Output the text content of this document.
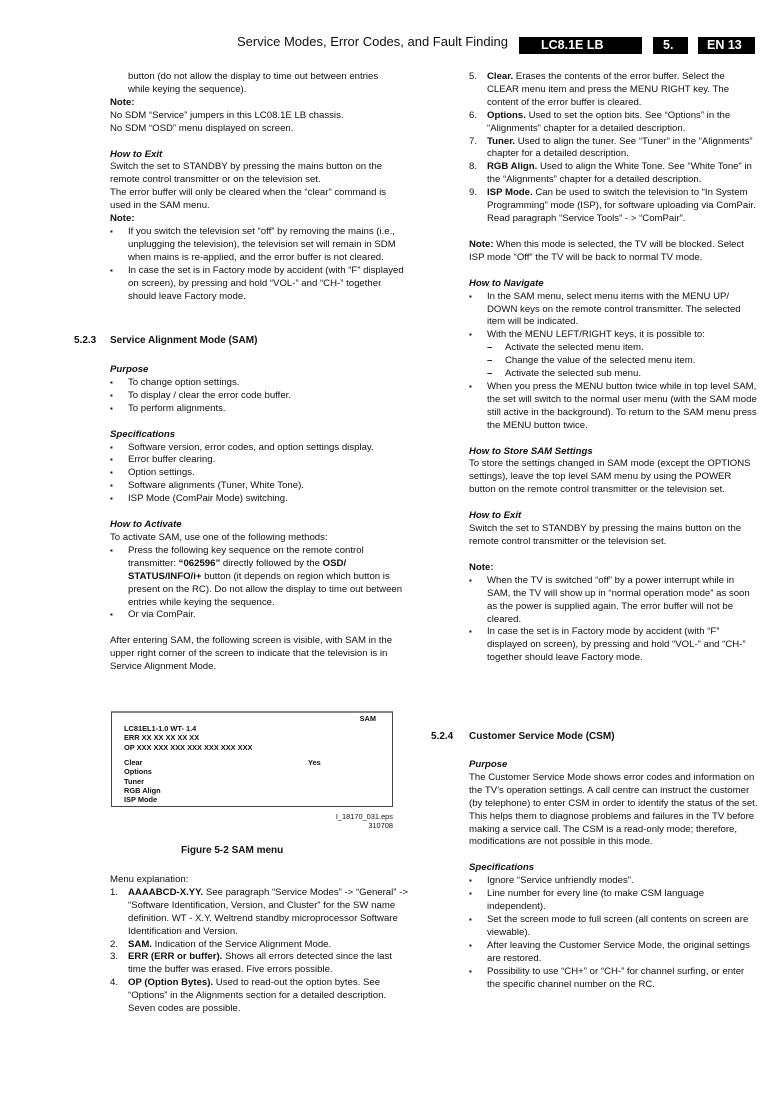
Service Modes, Error Codes, and Fault Finding	LC8.1E LB	5.	EN 13

button (do not allow the display to time out between entries
while keying the sequence).

Note:

No SDM “Service” jumpers in this LC08.1E LB chassis.

No SDM “OSD” menu displayed on screen.

How to Exit

Switch the set to STANDBY by pressing the mains button on the remote control transmitter or on the television set.

The error buffer will only be cleared when the “clear” command is used in the SAM menu.

Note:

▪ If you switch the television set “off” by removing the mains (i.e., unplugging the television), the television set will remain in SDM when mains is re-applied, and the error buffer is not cleared.
▪ In case the set is in Factory mode by accident (with “F” displayed on screen), by pressing and hold “VOL-” and “CH-” together should leave Factory mode.
5.2.3 Service Alignment Mode (SAM)

Purpose

▪ To change option settings.
▪ To display / clear the error code buffer.
▪ To perform alignments.

Specifications

▪ Software version, error codes, and option settings display.
▪ Error buffer clearing.
▪ Option settings.
▪ Software alignments (Tuner, White Tone).
▪ ISP Mode (ComPair Mode) switching.

How to Activate

To activate SAM, use one of the following methods:

▪ Press the following key sequence on the remote control transmitter: “062596” directly followed by the OSD/ STATUS/INFO/i+ button (it depends on region which button is present on the RC). Do not allow the display to time out between entries while keying the sequence.
▪ Or via ComPair.

After entering SAM, the following screen is visible, with SAM in the upper right corner of the screen to indicate that the television is in Service Alignment Mode.

SAM
LC81EL1-1.0 WT- 1.4
ERR XX XX XX XX XX
OP XXX XXX XXX XXX XXX XXX XXX
Clear
Options
Tuner
RGB Align
ISP Mode
Yes
I_18170_031.eps
310708
Figure 5-2 SAM menu

Menu explanation:

1. AAAABCD-X.YY. See paragraph “Service Modes” -> “General” -> “Software Identification, Version, and Cluster” for the SW name definition. WT - X.Y. Weltrend standby microprocessor Software Identification and Version.
2. SAM. Indication of the Service Alignment Mode.
3. ERR (ERR or buffer). Shows all errors detected since the last time the buffer was erased. Five errors possible.
4. OP (Option Bytes). Used to read-out the option bytes. See “Options” in the Alignments section for a detailed description. Seven codes are possible.
5. Clear. Erases the contents of the error buffer. Select the CLEAR menu item and press the MENU RIGHT key. The content of the error buffer is cleared.
6. Options. Used to set the option bits. See “Options” in the “Alignments” chapter for a detailed description.
7. Tuner. Used to align the tuner. See “Tuner” in the “Alignments” chapter for a detailed description.
8. RGB Align. Used to align the White Tone. See “White Tone” in the “Alignments” chapter for a detailed description.
9. ISP Mode. Can be used to switch the television to “In System Programming” mode (ISP), for software uploading via ComPair. Read paragraph “Service Tools” - > “ComPair”.

Note: When this mode is selected, the TV will be blocked. Select ISP mode “Off” the TV will be back to normal TV mode.

How to Navigate

▪ In the SAM menu, select menu items with the MENU UP/ DOWN keys on the remote control transmitter. The selected item will be indicated.
▪ With the MENU LEFT/RIGHT keys, it is possible to:
– Activate the selected menu item.
– Change the value of the selected menu item.
– Activate the selected sub menu.
▪ When you press the MENU button twice while in top level SAM, the set will switch to the normal user menu (with the SAM mode still active in the background). To return to the SAM menu press the MENU button twice.

How to Store SAM Settings

To store the settings changed in SAM mode (except the OPTIONS settings), leave the top level SAM menu by using the POWER button on the remote control transmitter or the television set.

How to Exit

Switch the set to STANDBY by pressing the mains button on the remote control transmitter or the television set.

Note:

▪ When the TV is switched “off” by a power interrupt while in SAM, the TV will show up in “normal operation mode” as soon as the power is supplied again. The error buffer will not be cleared.
▪ In case the set is in Factory mode by accident (with “F” displayed on screen), by pressing and hold “VOL-” and “CH-” together should leave Factory mode.
5.2.4 Customer Service Mode (CSM)

Purpose

The Customer Service Mode shows error codes and information on the TV’s operation settings. A call centre can instruct the customer (by telephone) to enter CSM in order to identify the status of the set. This helps them to diagnose problems and failures in the TV before making a service call. The CSM is a read-only mode; therefore, modifications are not possible in this mode.

Specifications

▪ Ignore “Service unfriendly modes”.
▪ Line number for every line (to make CSM language independent).
▪ Set the screen mode to full screen (all contents on screen are viewable).
▪ After leaving the Customer Service Mode, the original settings are restored.
▪ Possibility to use “CH+” or “CH-” for channel surfing, or enter the specific channel number on the RC.
